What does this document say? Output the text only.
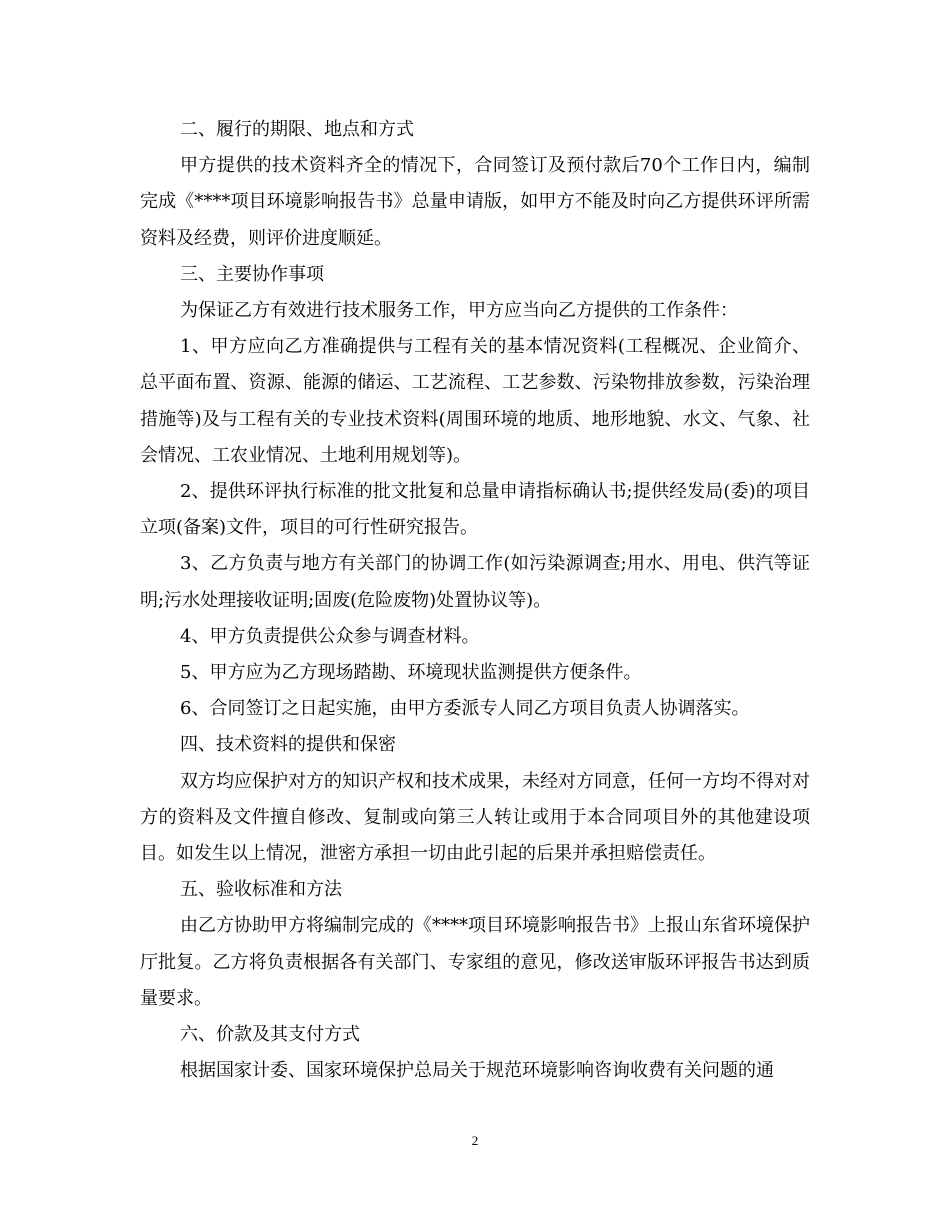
二、履行的期限、地点和方式

甲方提供的技术资料齐全的情况下，合同签订及预付款后70个工作日内，编制完成《****项目环境影响报告书》总量申请版，如甲方不能及时向乙方提供环评所需资料及经费，则评价进度顺延。

三、主要协作事项

为保证乙方有效进行技术服务工作，甲方应当向乙方提供的工作条件：

1、甲方应向乙方准确提供与工程有关的基本情况资料(工程概况、企业简介、总平面布置、资源、能源的储运、工艺流程、工艺参数、污染物排放参数，污染治理措施等)及与工程有关的专业技术资料(周围环境的地质、地形地貌、水文、气象、社会情况、工农业情况、土地利用规划等)。

2、提供环评执行标准的批文批复和总量申请指标确认书;提供经发局(委)的项目立项(备案)文件，项目的可行性研究报告。

3、乙方负责与地方有关部门的协调工作(如污染源调查;用水、用电、供汽等证明;污水处理接收证明;固废(危险废物)处置协议等)。

4、甲方负责提供公众参与调查材料。

5、甲方应为乙方现场踏勘、环境现状监测提供方便条件。

6、合同签订之日起实施，由甲方委派专人同乙方项目负责人协调落实。

四、技术资料的提供和保密

双方均应保护对方的知识产权和技术成果，未经对方同意，任何一方均不得对对方的资料及文件擅自修改、复制或向第三人转让或用于本合同项目外的其他建设项目。如发生以上情况，泄密方承担一切由此引起的后果并承担赔偿责任。

五、验收标准和方法

由乙方协助甲方将编制完成的《****项目环境影响报告书》上报山东省环境保护厅批复。乙方将负责根据各有关部门、专家组的意见，修改送审版环评报告书达到质量要求。

六、价款及其支付方式

根据国家计委、国家环境保护总局关于规范环境影响咨询收费有关问题的通

2
